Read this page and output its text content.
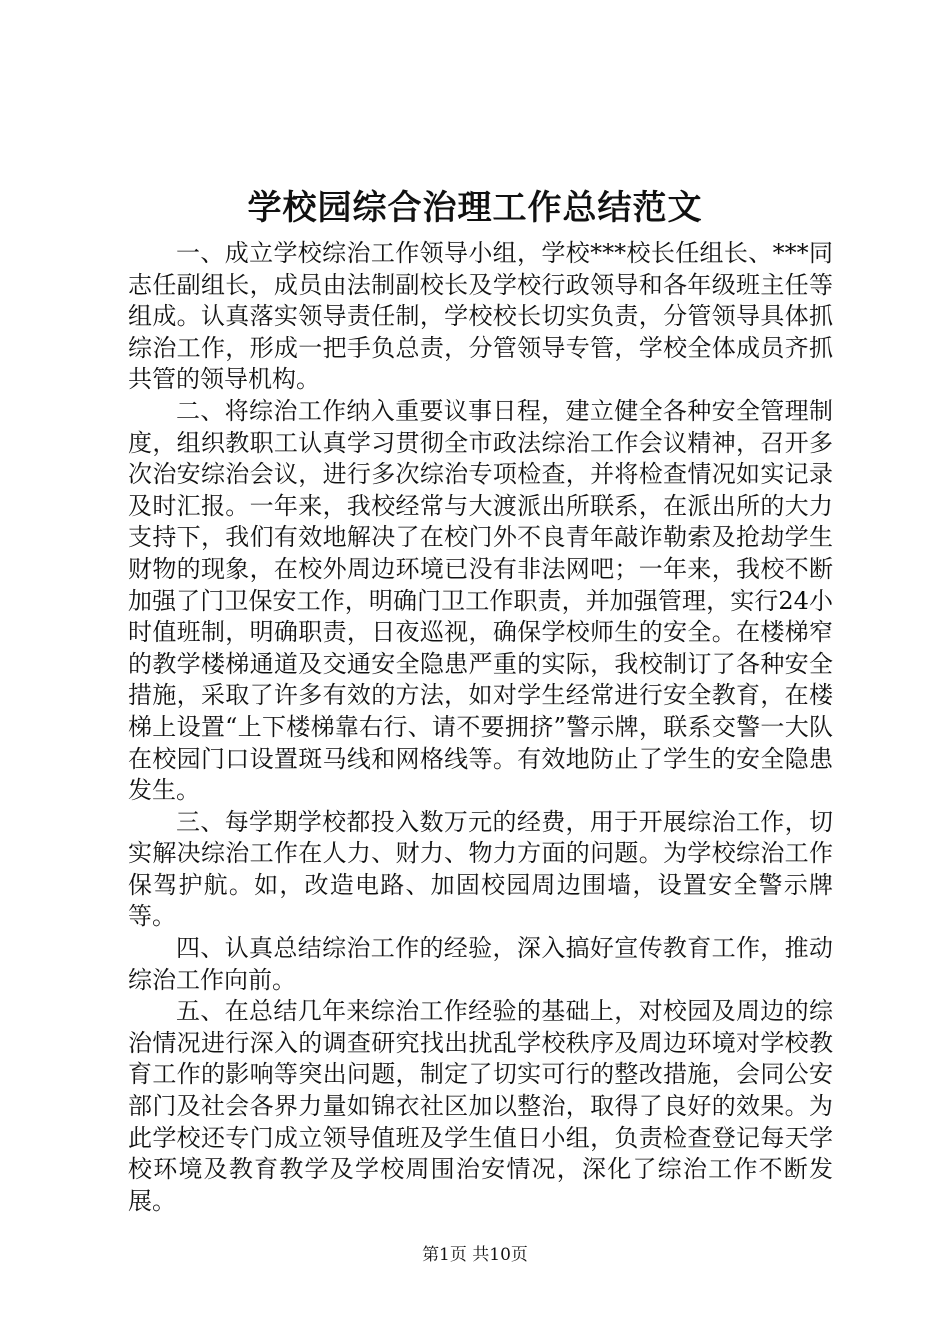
学校园综合治理工作总结范文

一、成立学校综治工作领导小组，学校***校长任组长、***同志任副组长，成员由法制副校长及学校行政领导和各年级班主任等组成。认真落实领导责任制，学校校长切实负责，分管领导具体抓综治工作，形成一把手负总责，分管领导专管，学校全体成员齐抓共管的领导机构。

二、将综治工作纳入重要议事日程，建立健全各种安全管理制度，组织教职工认真学习贯彻全市政法综治工作会议精神，召开多次治安综治会议，进行多次综治专项检查，并将检查情况如实记录及时汇报。一年来，我校经常与大渡派出所联系，在派出所的大力支持下，我们有效地解决了在校门外不良青年敲诈勒索及抢劫学生财物的现象，在校外周边环境已没有非法网吧；一年来，我校不断加强了门卫保安工作，明确门卫工作职责，并加强管理，实行24小时值班制，明确职责，日夜巡视，确保学校师生的安全。在楼梯窄的教学楼梯通道及交通安全隐患严重的实际，我校制订了各种安全措施，采取了许多有效的方法，如对学生经常进行安全教育，在楼梯上设置“上下楼梯靠右行、请不要拥挤”警示牌，联系交警一大队在校园门口设置斑马线和网格线等。有效地防止了学生的安全隐患发生。

三、每学期学校都投入数万元的经费，用于开展综治工作，切实解决综治工作在人力、财力、物力方面的问题。为学校综治工作保驾护航。如，改造电路、加固校园周边围墙，设置安全警示牌等。

四、认真总结综治工作的经验，深入搞好宣传教育工作，推动综治工作向前。

五、在总结几年来综治工作经验的基础上，对校园及周边的综治情况进行深入的调查研究找出扰乱学校秩序及周边环境对学校教育工作的影响等突出问题，制定了切实可行的整改措施，会同公安部门及社会各界力量如锦衣社区加以整治，取得了良好的效果。为此学校还专门成立领导值班及学生值日小组，负责检查登记每天学校环境及教育教学及学校周围治安情况，深化了综治工作不断发展。

第1页 共10页
